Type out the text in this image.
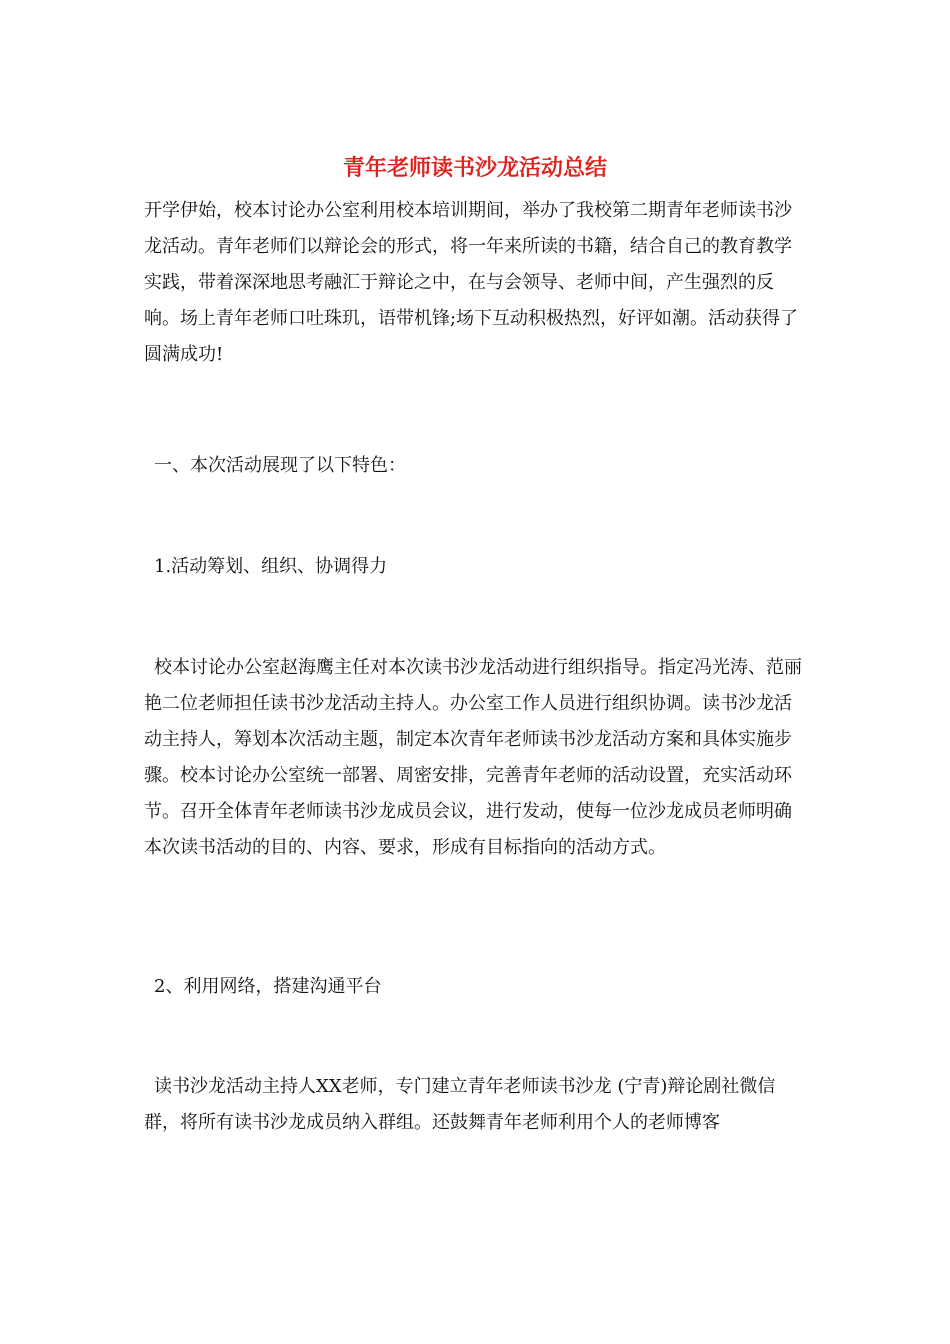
青年老师读书沙龙活动总结

开学伊始，校本讨论办公室利用校本培训期间，举办了我校第二期青年老师读书沙龙活动。青年老师们以辩论会的形式，将一年来所读的书籍，结合自己的教育教学实践，带着深深地思考融汇于辩论之中，在与会领导、老师中间，产生强烈的反响。场上青年老师口吐珠玑，语带机锋;场下互动积极热烈，好评如潮。活动获得了圆满成功!

一、本次活动展现了以下特色：

1.活动筹划、组织、协调得力

校本讨论办公室赵海鹰主任对本次读书沙龙活动进行组织指导。指定冯光涛、范丽艳二位老师担任读书沙龙活动主持人。办公室工作人员进行组织协调。读书沙龙活动主持人，筹划本次活动主题，制定本次青年老师读书沙龙活动方案和具体实施步骤。校本讨论办公室统一部署、周密安排，完善青年老师的活动设置，充实活动环节。召开全体青年老师读书沙龙成员会议，进行发动，使每一位沙龙成员老师明确本次读书活动的目的、内容、要求，形成有目标指向的活动方式。

2、利用网络，搭建沟通平台

读书沙龙活动主持人XX老师，专门建立青年老师读书沙龙 (宁青)辩论剧社微信群，将所有读书沙龙成员纳入群组。还鼓舞青年老师利用个人的老师博客
